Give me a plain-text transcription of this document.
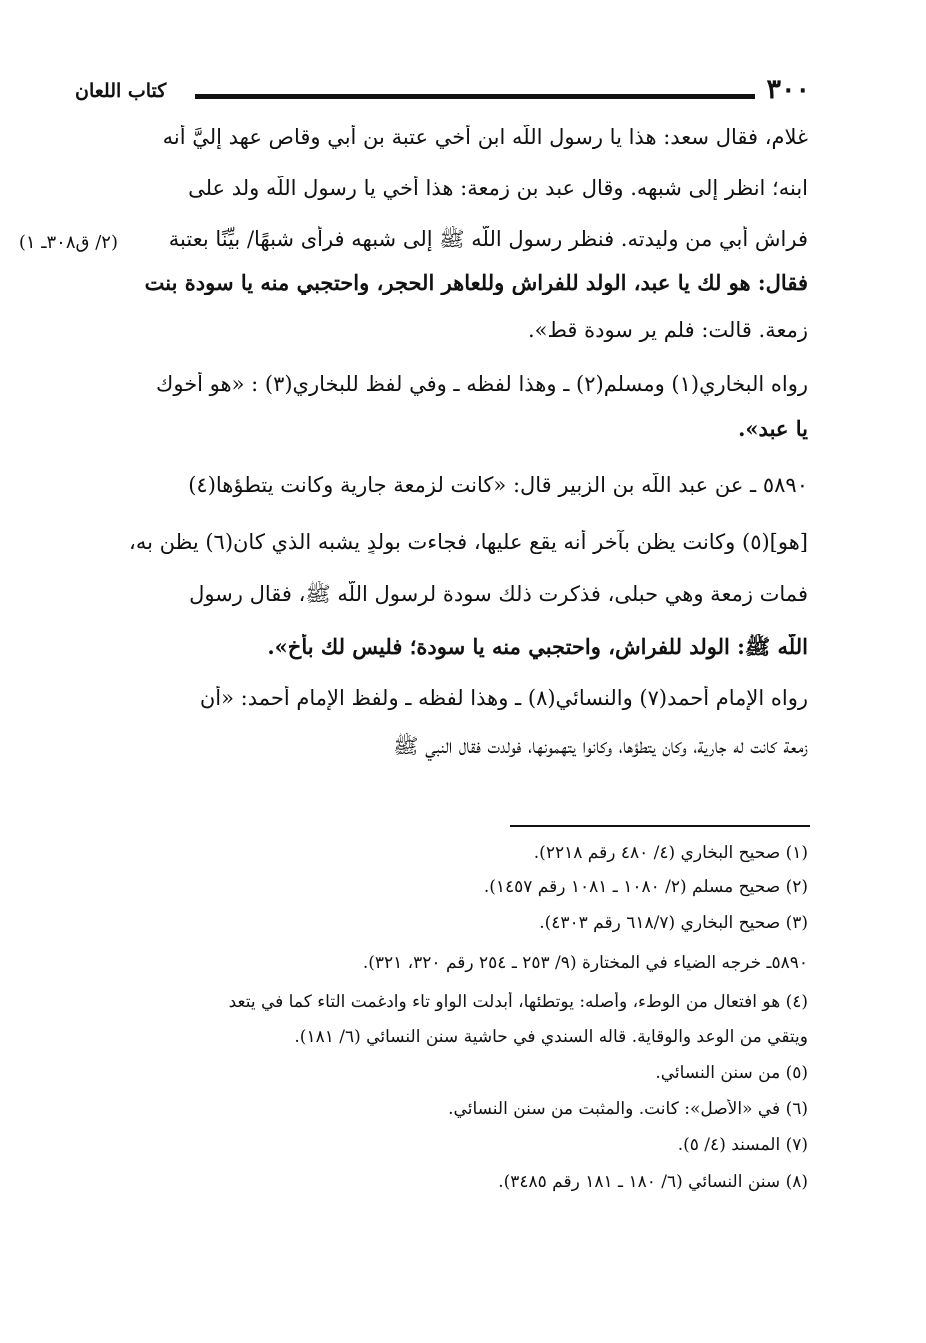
كتاب اللعان	٣٠٠
(٢/ ق٣٠٨ـ ١)
غلامٍ، فقال سعد: هذا يا رسول اللَّه ابن أخي عتبة بن أبي وقاص عهد إليَّ أنه
ابنه؛ انظر إلى شبهه. وقال عبد بن زمعة: هذا أخي يا رسول اللَّه ولد على
فراش أبي من وليدته. فنظر رسول اللَّه ﷺ إلى شبهه فرأى شبهًا/ بيِّنًا بعتبة
فقال: هو لك يا عبد، الولد للفراش وللعاهر الحجر، واحتجبي منه يا سودة بنت
زمعة. قالت: فلم ير سودة قط».
رواه البخاري(١) ومسلم(٢) ـ وهذا لفظه ـ وفي لفظ للبخاري(٣) : «هو أخوك
يا عبد».
٥٨٩٠ ـ عن عبد اللَّه بن الزبير قال: «كانت لزمعة جارية وكانت يتطؤها(٤)
[هو](٥) وكانت يظن بآخر أنه يقع عليها، فجاءت بولدٍ يشبه الذي كان(٦) يظن به،
فمات زمعة وهي حبلى، فذكرت ذلك سودة لرسول اللَّه ﷺ، فقال رسول
اللَّه ﷺ: الولد للفراش، واحتجبي منه يا سودة؛ فليس لك بأخ».
رواه الإمام أحمد(٧) والنسائي(٨) ـ وهذا لفظه ـ ولفظ الإمام أحمد: «أن
زمعة كانت له جارية، وكان يتطؤها، وكانوا يتهمونها، فولدت فقال النبي ﷺ
(١) صحيح البخاري (٤/ ٤٨٠ رقم ٢٢١٨).
(٢) صحيح مسلم (٢/ ١٠٨٠ ـ ١٠٨١ رقم ١٤٥٧).
(٣) صحيح البخاري (٦١٨/٧ رقم ٤٣٠٣).
٥٨٩٠ـ خرجه الضياء في المختارة (٩/ ٢٥٣ ـ ٢٥٤ رقم ٣٢٠، ٣٢١).
(٤) هو افتعال من الوطء، وأصله: يوتطئها، أبدلت الواو تاء وادغمت التاء كما في يتعد
ويتقي من الوعد والوقاية. قاله السندي في حاشية سنن النسائي (٦/ ١٨١).
(٥) من سنن النسائي.
(٦) في «الأصل»: كانت. والمثبت من سنن النسائي.
(٧) المسند (٤/ ٥).
(٨) سنن النسائي (٦/ ١٨٠ ـ ١٨١ رقم ٣٤٨٥).
